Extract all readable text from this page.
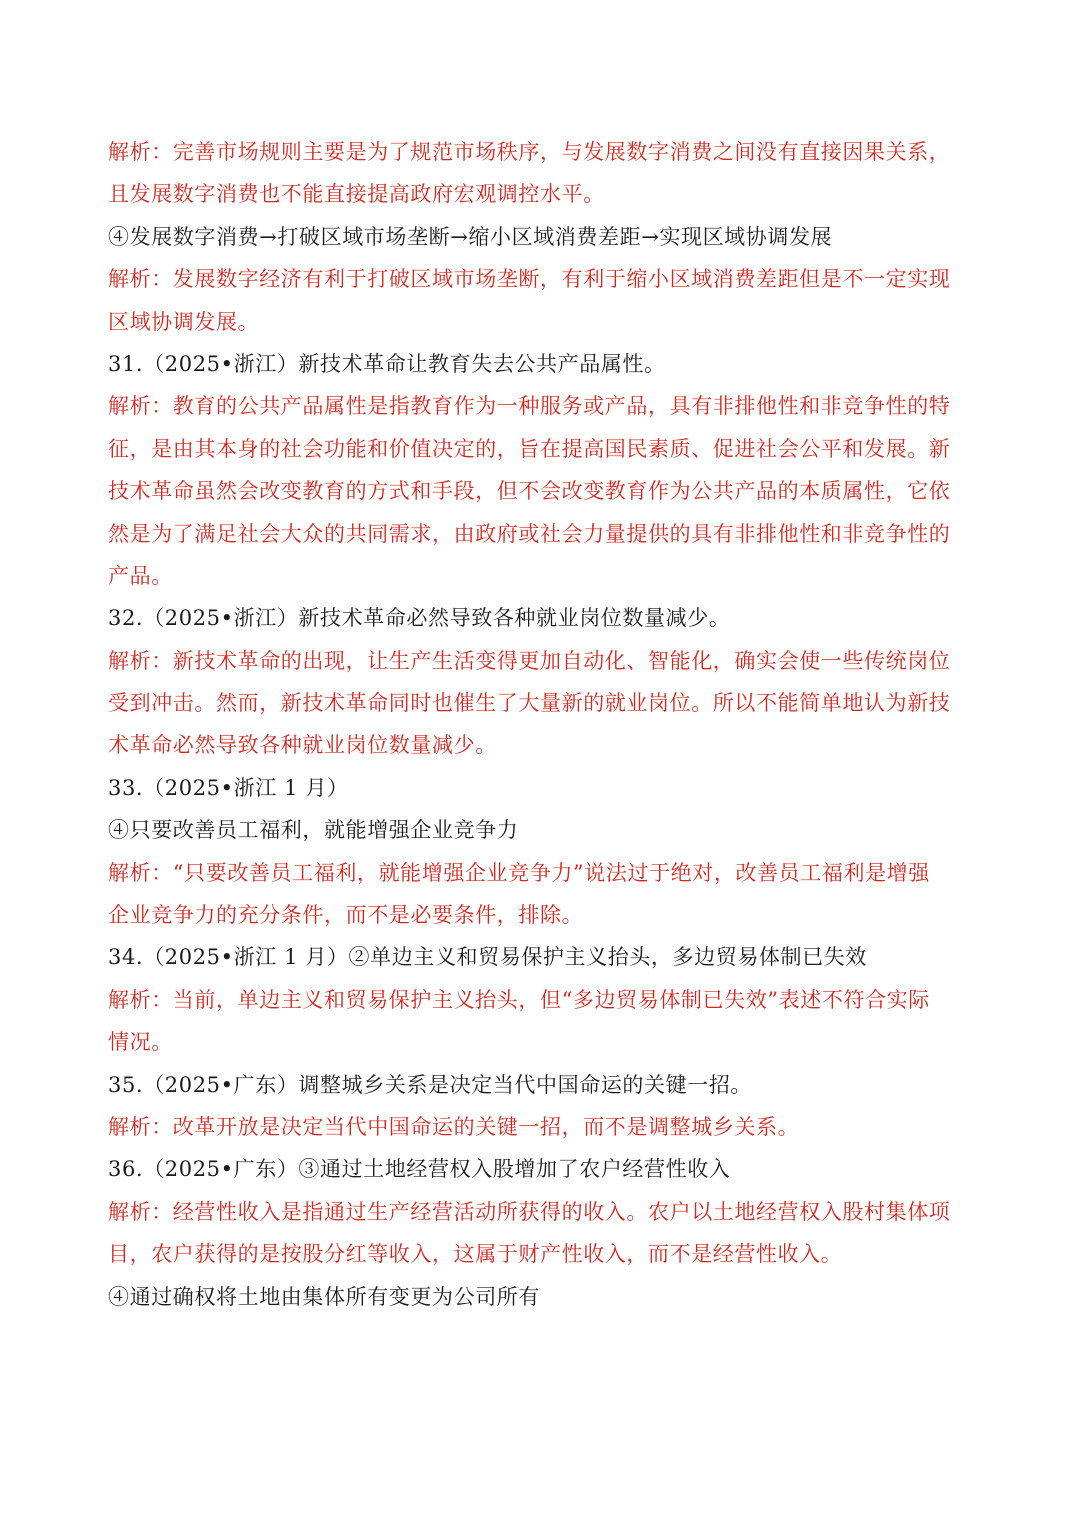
解析：完善市场规则主要是为了规范市场秩序，与发展数字消费之间没有直接因果关系，
且发展数字消费也不能直接提高政府宏观调控水平。
④发展数字消费→打破区域市场垄断→缩小区域消费差距→实现区域协调发展
解析：发展数字经济有利于打破区域市场垄断，有利于缩小区域消费差距但是不一定实现
区域协调发展。
31.（2025•浙江）新技术革命让教育失去公共产品属性。
解析：教育的公共产品属性是指教育作为一种服务或产品，具有非排他性和非竞争性的特
征，是由其本身的社会功能和价值决定的，旨在提高国民素质、促进社会公平和发展。新
技术革命虽然会改变教育的方式和手段，但不会改变教育作为公共产品的本质属性，它依
然是为了满足社会大众的共同需求，由政府或社会力量提供的具有非排他性和非竞争性的
产品。
32.（2025•浙江）新技术革命必然导致各种就业岗位数量减少。
解析：新技术革命的出现，让生产生活变得更加自动化、智能化，确实会使一些传统岗位
受到冲击。然而，新技术革命同时也催生了大量新的就业岗位。所以不能简单地认为新技
术革命必然导致各种就业岗位数量减少。
33.（2025•浙江 1 月）
④只要改善员工福利，就能增强企业竞争力
解析：“只要改善员工福利，就能增强企业竞争力”说法过于绝对，改善员工福利是增强
企业竞争力的充分条件，而不是必要条件，排除。
34.（2025•浙江 1 月）②单边主义和贸易保护主义抬头，多边贸易体制已失效
解析：当前，单边主义和贸易保护主义抬头，但“多边贸易体制已失效”表述不符合实际
情况。
35.（2025•广东）调整城乡关系是决定当代中国命运的关键一招。
解析：改革开放是决定当代中国命运的关键一招，而不是调整城乡关系。
36.（2025•广东）③通过土地经营权入股增加了农户经营性收入
解析：经营性收入是指通过生产经营活动所获得的收入。农户以土地经营权入股村集体项
目，农户获得的是按股分红等收入，这属于财产性收入，而不是经营性收入。
④通过确权将土地由集体所有变更为公司所有
